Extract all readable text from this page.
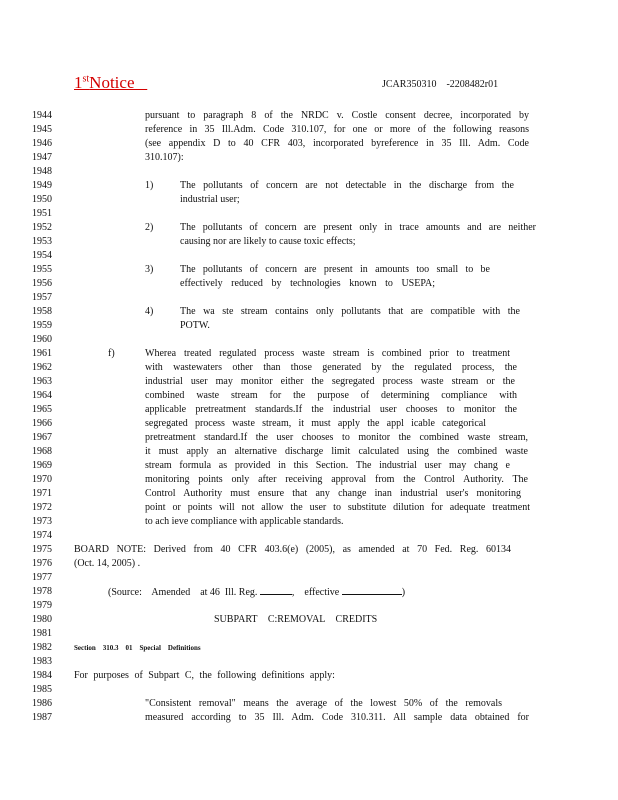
1stNotice	JCAR350310    -2208482r01
1944
1945
1946
1947
1948
1949
1950
1951
1952
1953
1954
1955
1956
1957
1958
1959
1960
1961
1962
1963
1964
1965
1966
1967
1968
1969
1970
1971
1972
1973
1974
1975
1976
1977
1978
1979
1980
1981
1982
1983
1984
1985
1986
1987
pursuant to paragraph 8 of the NRDC v. Costle consent decree, incorporated by
reference in 35 Ill.Adm. Code 310.107, for one or more of the following reasons
(see appendix D to 40 CFR 403, incorporated byreference in 35 Ill. Adm. Code
310.107):
1)	The pollutants of concern are not detectable in the discharge from the
industrial user;
2)	The pollutants of concern are present only in trace amounts and are neither
causing nor are likely to cause toxic effects;
3)	The pollutants of concern are present in amounts too small to be
effectively reduced by technologies known to USEPA;
4)	The wa ste stream contains only pollutants that are compatible with the
POTW.
f)	Wherea treated regulated process waste stream is combined prior to treatment
with wastewaters other than those generated by the regulated process, the
industrial user may monitor either the segregated process waste stream or the
combined waste stream for the purpose of determining compliance with
applicable pretreatment standards.If the industrial user chooses to monitor the
segregated process waste stream, it must apply the appl icable categorical
pretreatment standard.If the user chooses to monitor the combined waste stream,
it must apply an alternative discharge limit calculated using the combined waste
stream formula as provided in this Section. The industrial user may chang e
monitoring points only after receiving approval from the Control Authority. The
Control Authority must ensure that any change inan industrial user's monitoring
point or points will not allow the user to substitute dilution for adequate treatment
to ach ieve compliance with applicable standards.
BOARD NOTE: Derived from 40 CFR 403.6(e) (2005), as amended at 70 Fed. Reg. 60134
(Oct. 14, 2005) .
(Source:    Amended    at 46  Ill. Reg.	,    effective	)
SUBPART C:REMOVAL CREDITS
Section    310.3    01    Special    Definitions
For purposes of Subpart C, the following definitions apply:
"Consistent removal" means the average of the lowest 50% of the removals
measured according to 35 Ill. Adm. Code 310.311. All sample data obtained for
